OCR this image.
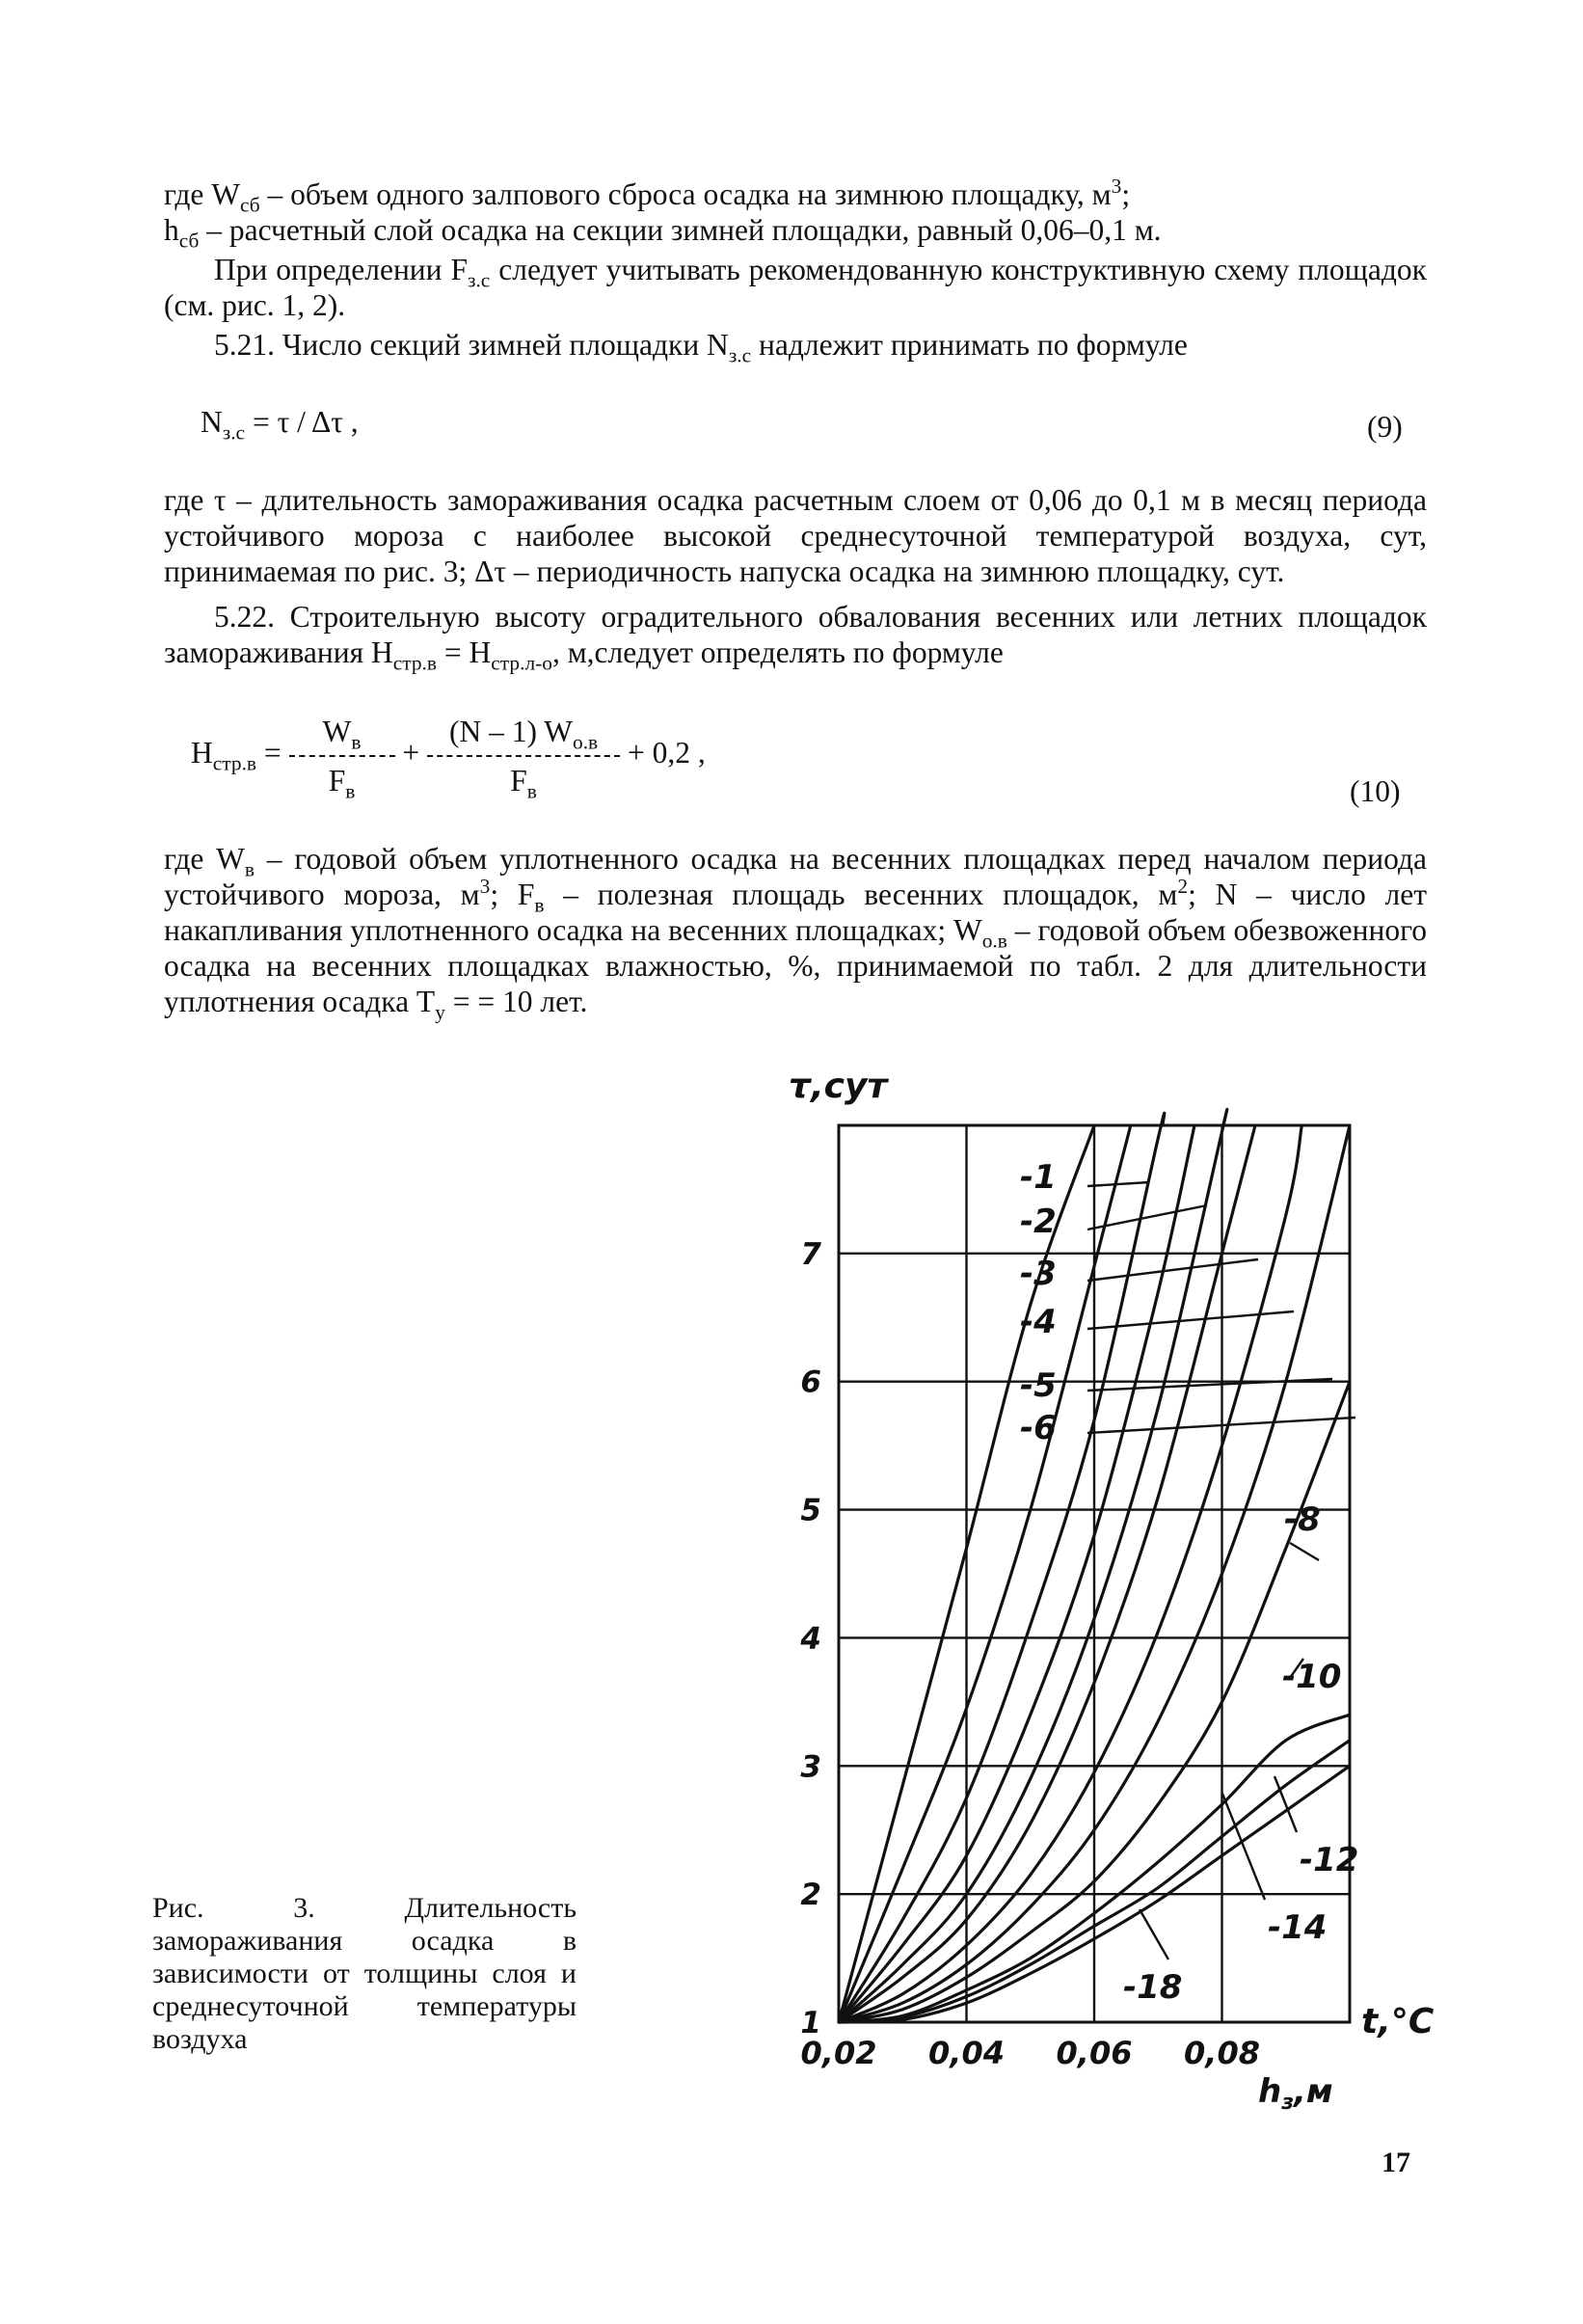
где $W_{сб}$ – объем одного залпового сброса осадка на зимнюю площадку, $м^3$;
$h_{сб}$ – расчетный слой осадка на секции зимней площадки, равный 0,06–0,1 м.

При определении $F_{з.с}$ следует учитывать рекомендованную конструктивную схему площадок (см. рис. 1, 2).

5.21. Число секций зимней площадки $N_{з.с}$ надлежит принимать по формуле

$N_{з.с} = \tau / \Delta\tau$ ,	(9)

где τ – длительность замораживания осадка расчетным слоем от 0,06 до 0,1 м в месяц периода устойчивого мороза с наиболее высокой среднесуточной температурой воздуха, сут, принимаемая по рис. 3; Δτ – периодичность напуска осадка на зимнюю площадку, сут.

5.22. Строительную высоту оградительного обвалования весенних или летних площадок замораживания $H_{стр.в} = H_{стр.л-о}$, м,следует определять по формуле

$H_{стр.в} = \frac{W_в}{F_в} + \frac{(N - 1) W_{о.в}}{F_в} + 0,2$ ,
(10)

где $W_в$ – годовой объем уплотненного осадка на весенних площадках перед началом периода устойчивого мороза, $м^3$; $F_в$ – полезная площадь весенних площадок, $м^2$; N – число лет накапливания уплотненного осадка на весенних площадках; $W_{о.в}$ – годовой объем обезвоженного осадка на весенних площадках влажностью, %, принимаемой по табл. 2 для длительности уплотнения осадка $T_у$ = = 10 лет.

1
2
3
4
5
6
7
0,02 0,04 0,06 0,08
τ,сут
t,°C
$h_з,м$
-1
-2
-3
-4
-5
-6
-8
-10
-12
-14
-18
Рис. 3. Длительность замораживания осадка в зависимости от толщины слоя и среднесуточной температуры воздуха
17
